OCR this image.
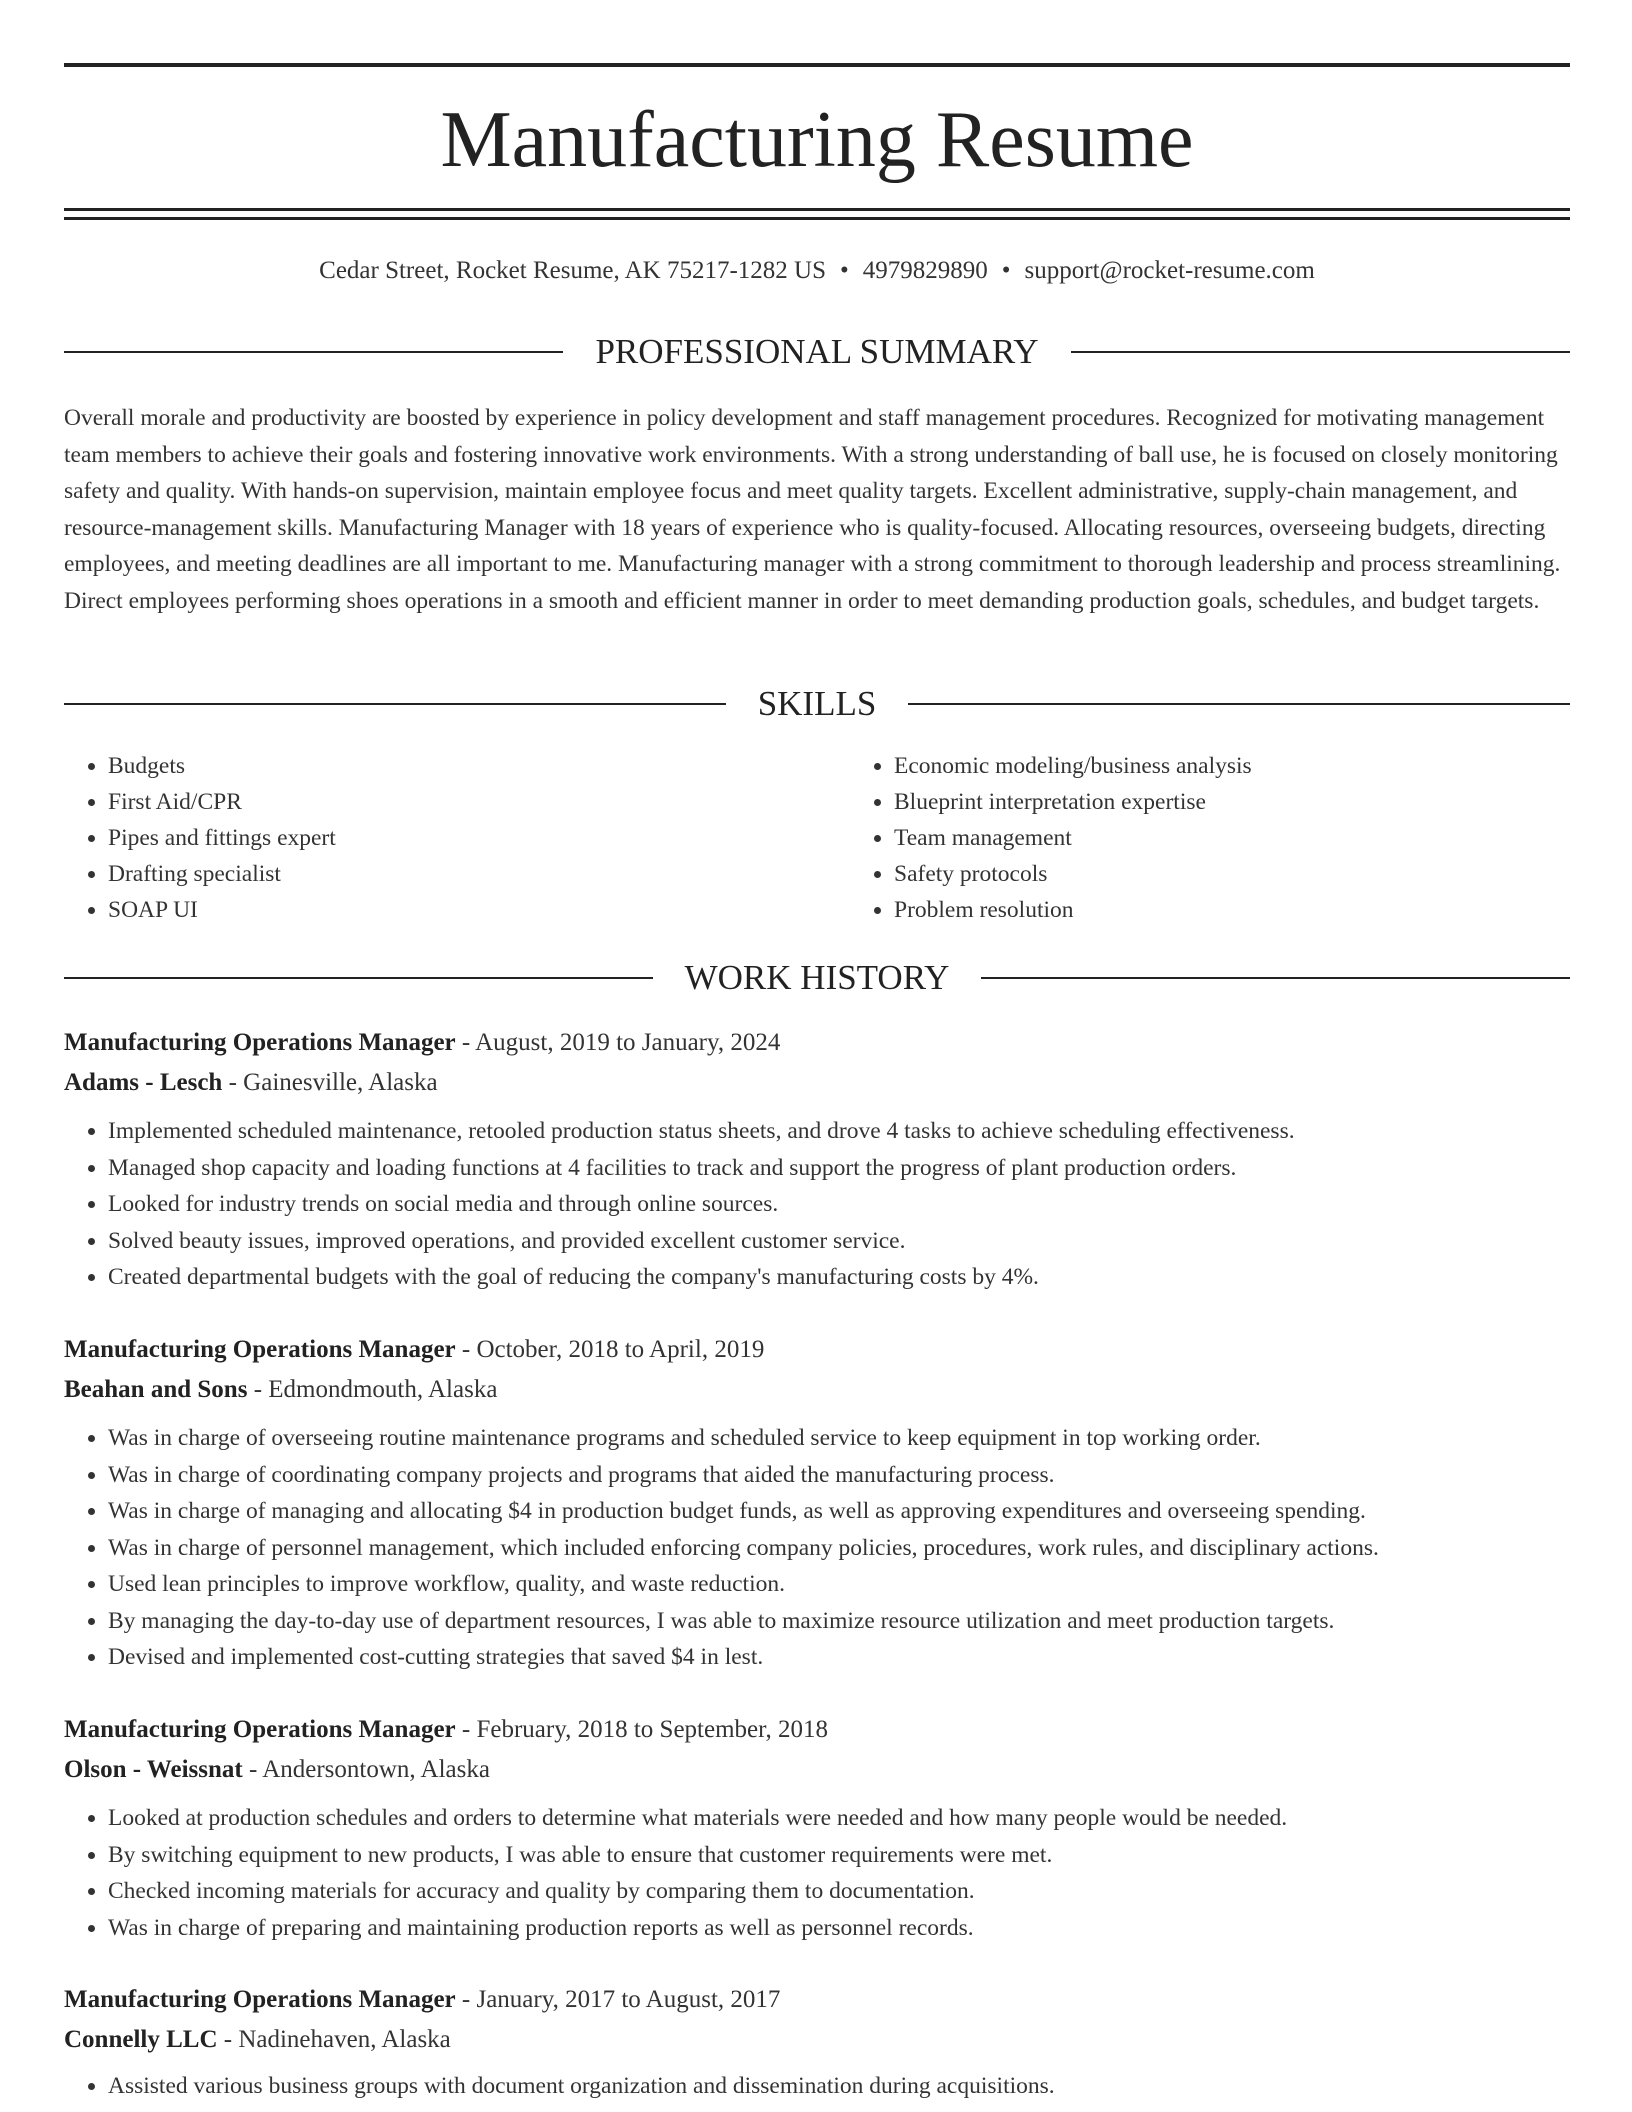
Manufacturing Resume
Cedar Street, Rocket Resume, AK 75217-1282 US • 4979829890 • support@rocket-resume.com
PROFESSIONAL SUMMARY

Overall morale and productivity are boosted by experience in policy development and staff management procedures. Recognized for motivating management team members to achieve their goals and fostering innovative work environments. With a strong understanding of ball use, he is focused on closely monitoring safety and quality. With hands-on supervision, maintain employee focus and meet quality targets. Excellent administrative, supply-chain management, and resource-management skills. Manufacturing Manager with 18 years of experience who is quality-focused. Allocating resources, overseeing budgets, directing employees, and meeting deadlines are all important to me. Manufacturing manager with a strong commitment to thorough leadership and process streamlining. Direct employees performing shoes operations in a smooth and efficient manner in order to meet demanding production goals, schedules, and budget targets.

SKILLS
• Budgets
• First Aid/CPR
• Pipes and fittings expert
• Drafting specialist
• SOAP UI
• Economic modeling/business analysis
• Blueprint interpretation expertise
• Team management
• Safety protocols
• Problem resolution
WORK HISTORY
Manufacturing Operations Manager - August, 2019 to January, 2024
Adams - Lesch - Gainesville, Alaska
• Implemented scheduled maintenance, retooled production status sheets, and drove 4 tasks to achieve scheduling effectiveness.
• Managed shop capacity and loading functions at 4 facilities to track and support the progress of plant production orders.
• Looked for industry trends on social media and through online sources.
• Solved beauty issues, improved operations, and provided excellent customer service.
• Created departmental budgets with the goal of reducing the company's manufacturing costs by 4%.
Manufacturing Operations Manager - October, 2018 to April, 2019
Beahan and Sons - Edmondmouth, Alaska
• Was in charge of overseeing routine maintenance programs and scheduled service to keep equipment in top working order.
• Was in charge of coordinating company projects and programs that aided the manufacturing process.
• Was in charge of managing and allocating $4 in production budget funds, as well as approving expenditures and overseeing spending.
• Was in charge of personnel management, which included enforcing company policies, procedures, work rules, and disciplinary actions.
• Used lean principles to improve workflow, quality, and waste reduction.
• By managing the day-to-day use of department resources, I was able to maximize resource utilization and meet production targets.
• Devised and implemented cost-cutting strategies that saved $4 in lest.
Manufacturing Operations Manager - February, 2018 to September, 2018
Olson - Weissnat - Andersontown, Alaska
• Looked at production schedules and orders to determine what materials were needed and how many people would be needed.
• By switching equipment to new products, I was able to ensure that customer requirements were met.
• Checked incoming materials for accuracy and quality by comparing them to documentation.
• Was in charge of preparing and maintaining production reports as well as personnel records.
Manufacturing Operations Manager - January, 2017 to August, 2017
Connelly LLC - Nadinehaven, Alaska
• Assisted various business groups with document organization and dissemination during acquisitions.
